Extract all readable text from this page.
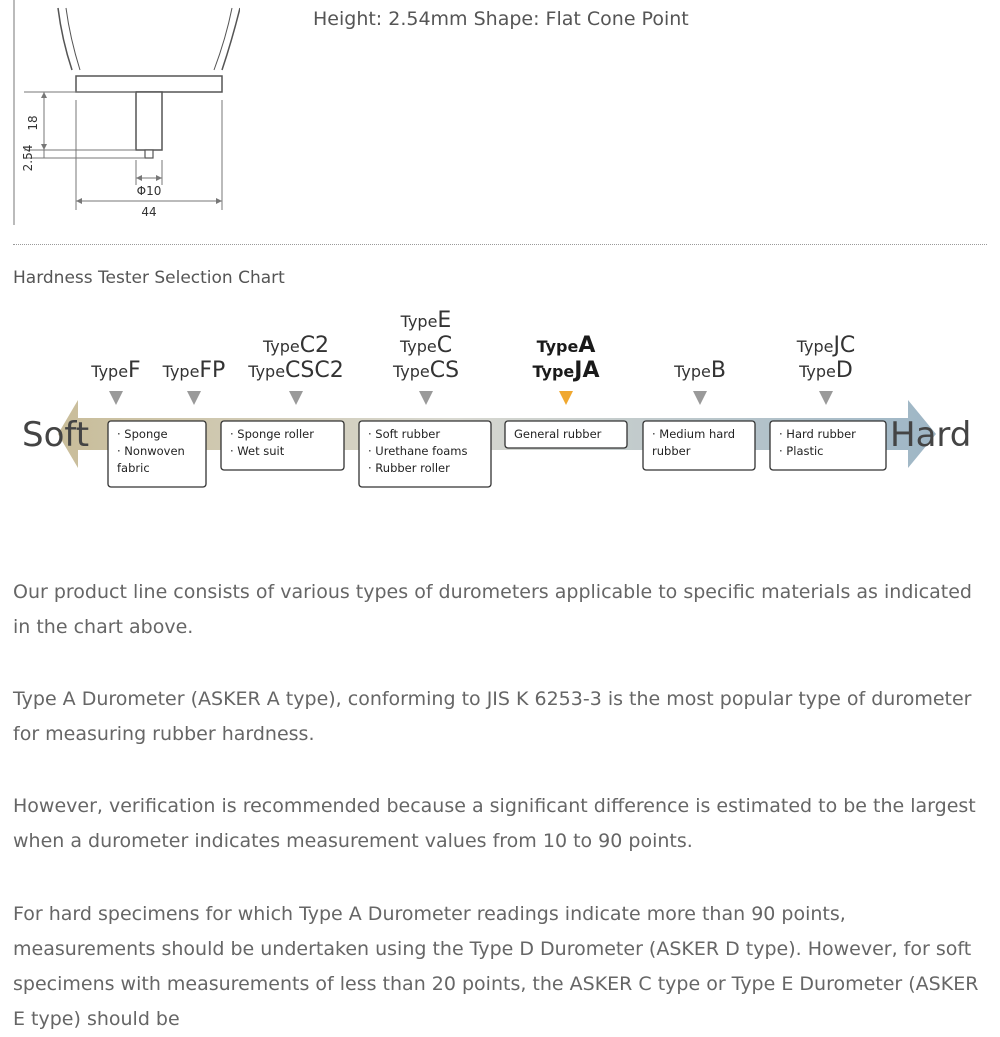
18
2.54
Φ10
44
Height: 2.54mm Shape: Flat Cone Point
Hardness Tester Selection Chart
Soft	Hard
TypeF TypeFP
TypeC2
TypeCSC2
TypeE
TypeC
TypeCS
TypeA
TypeJA	TypeB
TypeJC
TypeD
· Sponge
· Nonwoven
fabric
· Sponge roller
· Wet suit
· Soft rubber
· Urethane foams
· Rubber roller
General rubber	· Medium hard
rubber
· Hard rubber
· Plastic
Our product line consists of various types of durometers applicable to specific materials as indicated in the chart above.
Type A Durometer (ASKER A type), conforming to JIS K 6253-3 is the most popular type of durometer for measuring rubber hardness.
However, verification is recommended because a significant difference is estimated to be the largest when a durometer indicates measurement values from 10 to 90 points.
For hard specimens for which Type A Durometer readings indicate more than 90 points, measurements should be undertaken using the Type D Durometer (ASKER D type). However, for soft specimens with measurements of less than 20 points, the ASKER C type or Type E Durometer (ASKER E type) should be
